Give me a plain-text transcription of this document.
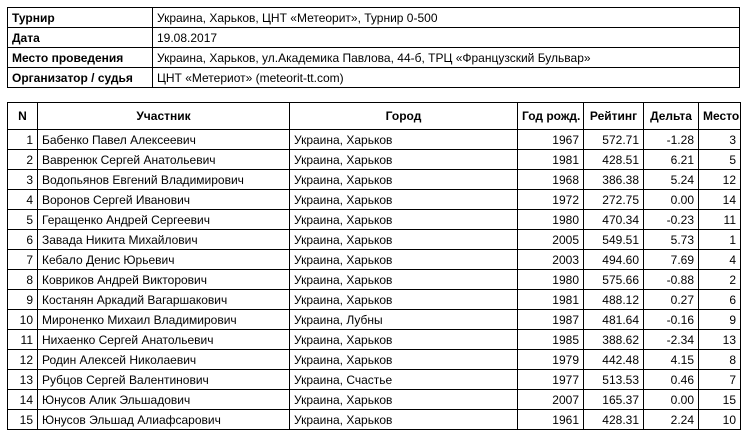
Турнир	Украина, Харьков, ЦНТ «Метеорит», Турнир 0-500
Дата	19.08.2017
Место проведения	Украина, Харьков, ул.Академика Павлова, 44-б, ТРЦ «Французский Бульвар»
Организатор / судья	ЦНТ «Метериот» (meteorit-tt.com)
N	Участник	Город	Год рожд.	Рейтинг	Дельта	Место
1	Бабенко Павел Алексеевич	Украина, Харьков	1967	572.71	-1.28	3
2	Вавренюк Сергей Анатольевич	Украина, Харьков	1981	428.51	6.21	5
3	Водопьянов Евгений Владимирович	Украина, Харьков	1968	386.38	5.24	12
4	Воронов Сергей Иванович	Украина, Харьков	1972	272.75	0.00	14
5	Геращенко Андрей Сергеевич	Украина, Харьков	1980	470.34	-0.23	11
6	Завада Никита Михайлович	Украина, Харьков	2005	549.51	5.73	1
7	Кебало Денис Юрьевич	Украина, Харьков	2003	494.60	7.69	4
8	Ковриков Андрей Викторович	Украина, Харьков	1980	575.66	-0.88	2
9	Костанян Аркадий Вагаршакович	Украина, Харьков	1981	488.12	0.27	6
10	Мироненко Михаил Владимирович	Украина, Лубны	1987	481.64	-0.16	9
11	Нихаенко Сергей Анатольевич	Украина, Харьков	1985	388.62	-2.34	13
12	Родин Алексей Николаевич	Украина, Харьков	1979	442.48	4.15	8
13	Рубцов Сергей Валентинович	Украина, Счастье	1977	513.53	0.46	7
14	Юнусов Алик Эльшадович	Украина, Харьков	2007	165.37	0.00	15
15	Юнусов Эльшад Алиафсарович	Украина, Харьков	1961	428.31	2.24	10
